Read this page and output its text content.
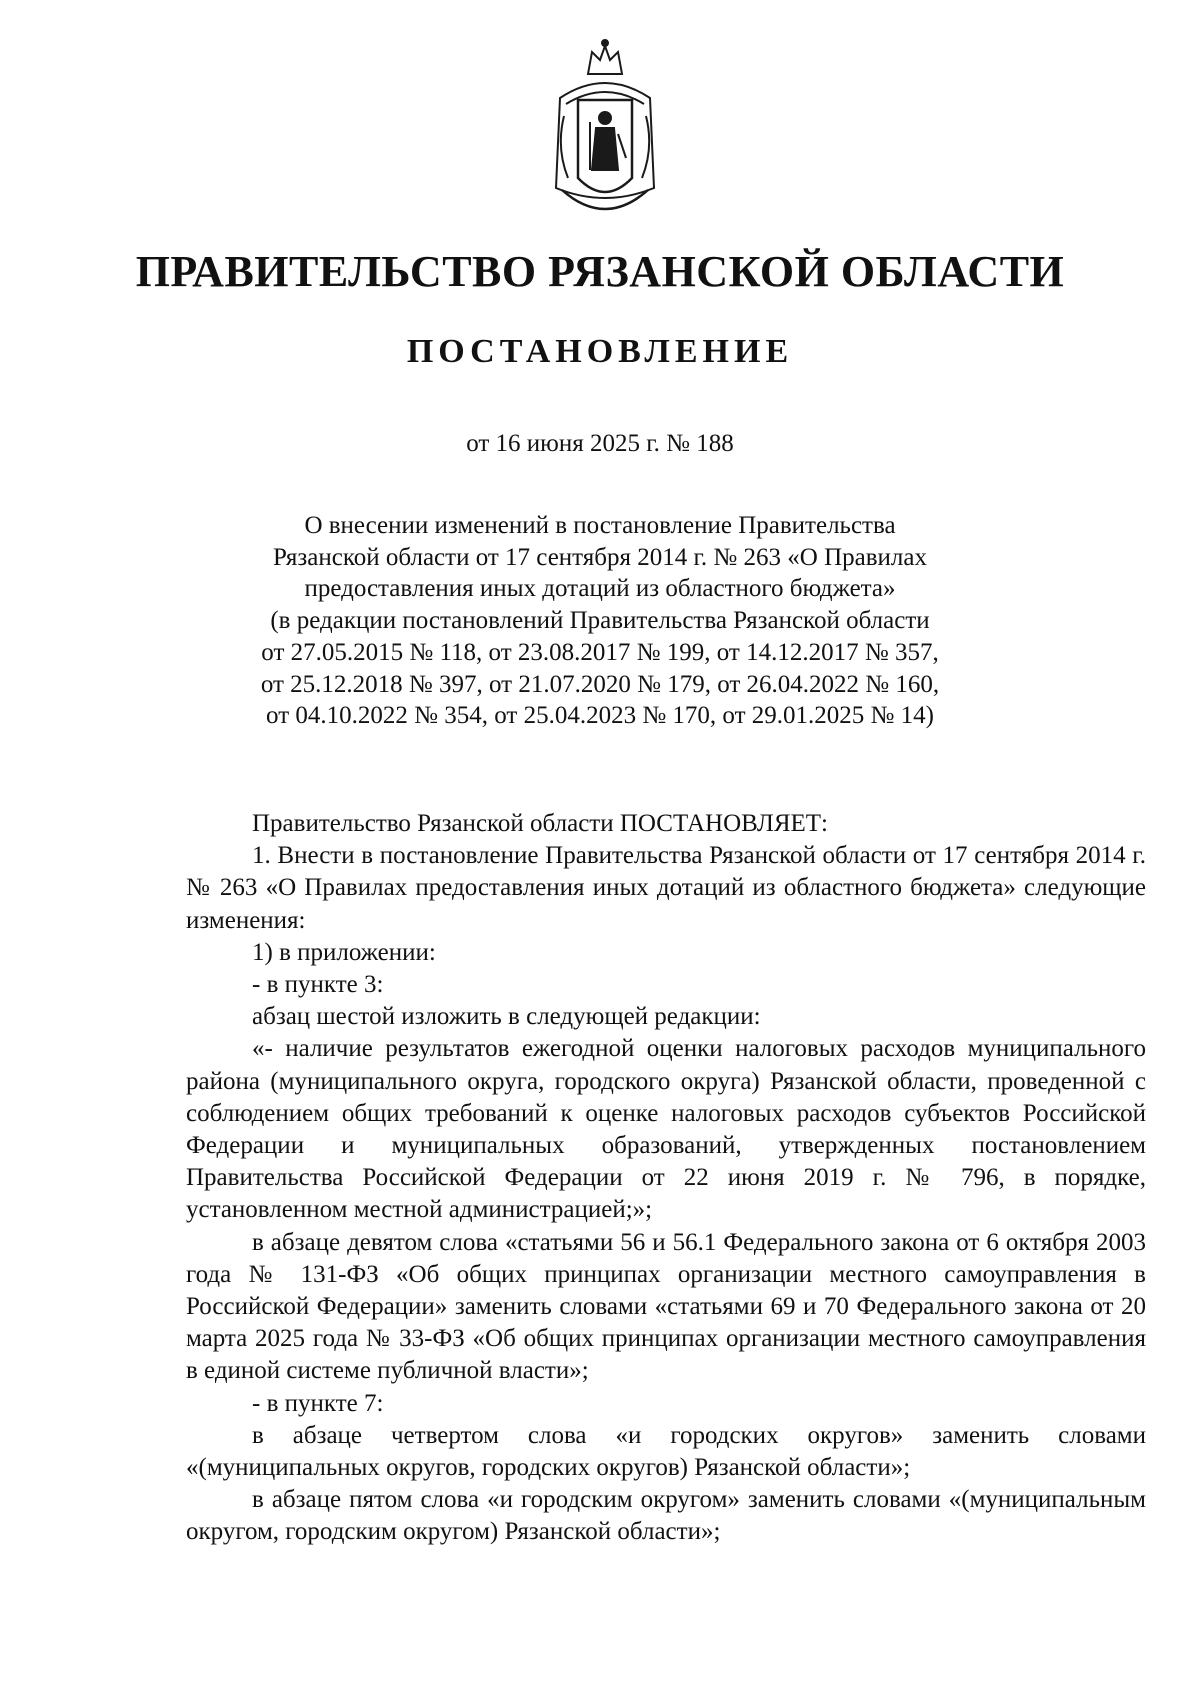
ПРАВИТЕЛЬСТВО РЯЗАНСКОЙ ОБЛАСТИ
ПОСТАНОВЛЕНИЕ
от 16 июня 2025 г. № 188
О внесении изменений в постановление Правительства
Рязанской области от 17 сентября 2014 г. № 263 «О Правилах
предоставления иных дотаций из областного бюджета»
(в редакции постановлений Правительства Рязанской области
от 27.05.2015 № 118, от 23.08.2017 № 199, от 14.12.2017 № 357,
от 25.12.2018 № 397, от 21.07.2020 № 179, от 26.04.2022 № 160,
от 04.10.2022 № 354, от 25.04.2023 № 170, от 29.01.2025 № 14)

Правительство Рязанской области ПОСТАНОВЛЯЕТ:

1. Внести в постановление Правительства Рязанской области от 17 сентября 2014 г. № 263 «О Правилах предоставления иных дотаций из областного бюджета» следующие изменения:

1) в приложении:

- в пункте 3:

абзац шестой изложить в следующей редакции:

«- наличие результатов ежегодной оценки налоговых расходов муниципального района (муниципального округа, городского округа) Рязанской области, проведенной с соблюдением общих требований к оценке налоговых расходов субъектов Российской Федерации и муниципальных образований, утвержденных постановлением Правительства Российской Федерации от 22 июня 2019 г. № 796, в порядке, установленном местной администрацией;»;

в абзаце девятом слова «статьями 56 и 56.1 Федерального закона от 6 октября 2003 года № 131-ФЗ «Об общих принципах организации местного самоуправления в Российской Федерации» заменить словами «статьями 69 и 70 Федерального закона от 20 марта 2025 года № 33-ФЗ «Об общих принципах организации местного самоуправления в единой системе публичной власти»;

- в пункте 7:

в абзаце четвертом слова «и городских округов» заменить словами «(муниципальных округов, городских округов) Рязанской области»;

в абзаце пятом слова «и городским округом» заменить словами «(муниципальным округом, городским округом) Рязанской области»;
